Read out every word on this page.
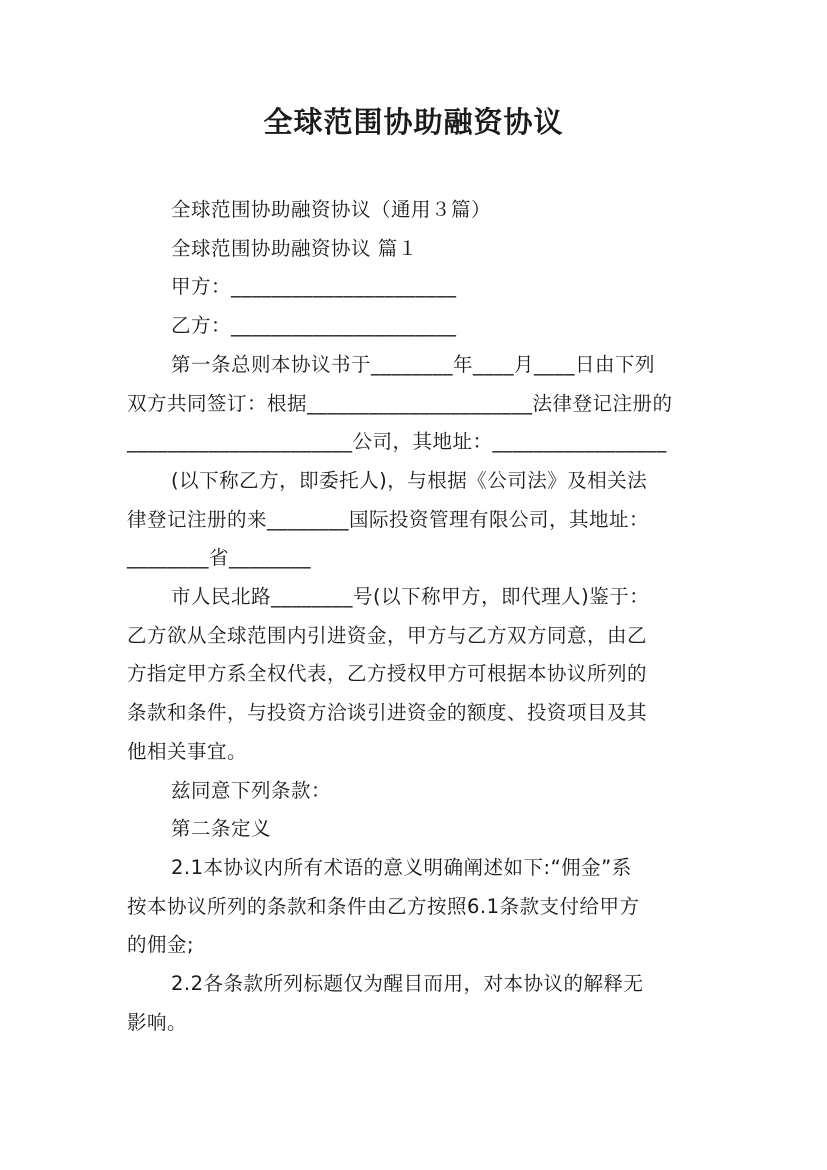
全球范围协助融资协议
全球范围协助融资协议（通用３篇）
全球范围协助融资协议 篇１
甲方：______________________
乙方：______________________
第一条总则本协议书于________年____月____日由下列
双方共同签订：根据______________________法律登记注册的
______________________公司，其地址：_________________
(以下称乙方，即委托人)，与根据《公司法》及相关法
律登记注册的来________国际投资管理有限公司，其地址：
________省________
市人民北路________号(以下称甲方，即代理人)鉴于：
乙方欲从全球范围内引进资金，甲方与乙方双方同意，由乙
方指定甲方系全权代表，乙方授权甲方可根据本协议所列的
条款和条件，与投资方洽谈引进资金的额度、投资项目及其
他相关事宜。
兹同意下列条款：
第二条定义
2.1本协议内所有术语的意义明确阐述如下:“佣金”系
按本协议所列的条款和条件由乙方按照6.1条款支付给甲方
的佣金;
2.2各条款所列标题仅为醒目而用，对本协议的解释无
影响。
